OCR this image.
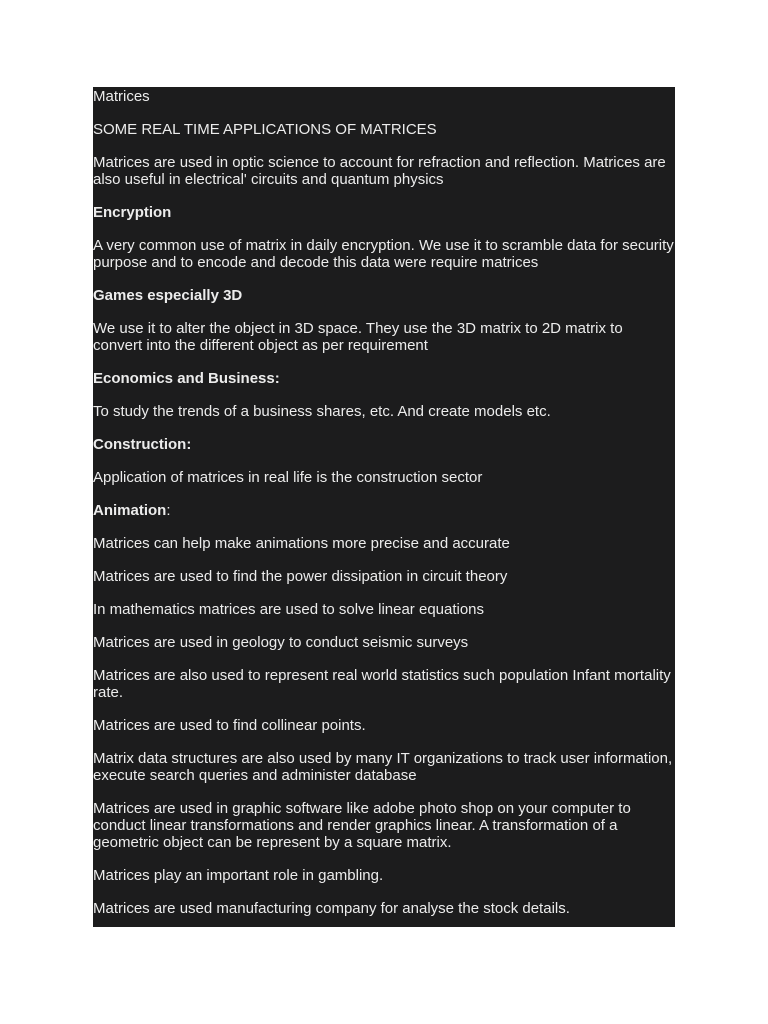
Matrices

SOME REAL TIME APPLICATIONS OF MATRICES

Matrices are used in optic science to account for refraction and reflection. Matrices are also useful in electrical' circuits and quantum physics

Encryption

A very common use of matrix in daily encryption. We use it to scramble data for security purpose and to encode and decode this data were require matrices

Games especially 3D

We use it to alter the object in 3D space. They use the 3D matrix to 2D matrix to convert into the different object as per requirement

Economics and Business:

To study the trends of a business shares, etc. And create models etc.

Construction:

Application of matrices in real life is the construction sector

Animation:

Matrices can help make animations more precise and accurate

Matrices are used to find the power dissipation in circuit theory

In mathematics matrices are used to solve linear equations

Matrices are used in geology to conduct seismic surveys

Matrices are also used to represent real world statistics such population Infant mortality rate.

Matrices are used to find collinear points.

Matrix data structures are also used by many IT organizations to track user information, execute search queries and administer database

Matrices are used in graphic software like adobe photo shop on your computer to conduct linear transformations and render graphics linear. A transformation of a geometric object can be represent by a square matrix.

Matrices play an important role in gambling.

Matrices are used manufacturing company for analyse the stock details.
